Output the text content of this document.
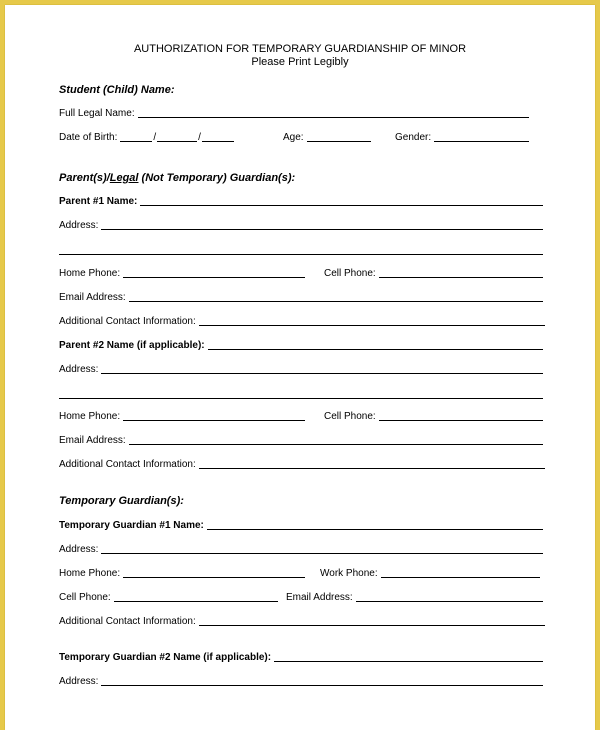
AUTHORIZATION FOR TEMPORARY GUARDIANSHIP OF MINOR
Please Print Legibly
Student (Child) Name:
Full Legal Name:
Date of Birth:	/	/	Age:	Gender:
Parent(s)/Legal (Not Temporary) Guardian(s):
Parent #1 Name:
Address:
Home Phone:	Cell Phone:
Email Address:
Additional Contact Information:
Parent #2 Name (if applicable):
Address:
Home Phone:	Cell Phone:
Email Address:
Additional Contact Information:
Temporary Guardian(s):
Temporary Guardian #1 Name:
Address:
Home Phone:	Work Phone:
Cell Phone:	Email Address:
Additional Contact Information:
Temporary Guardian #2 Name (if applicable):
Address:
